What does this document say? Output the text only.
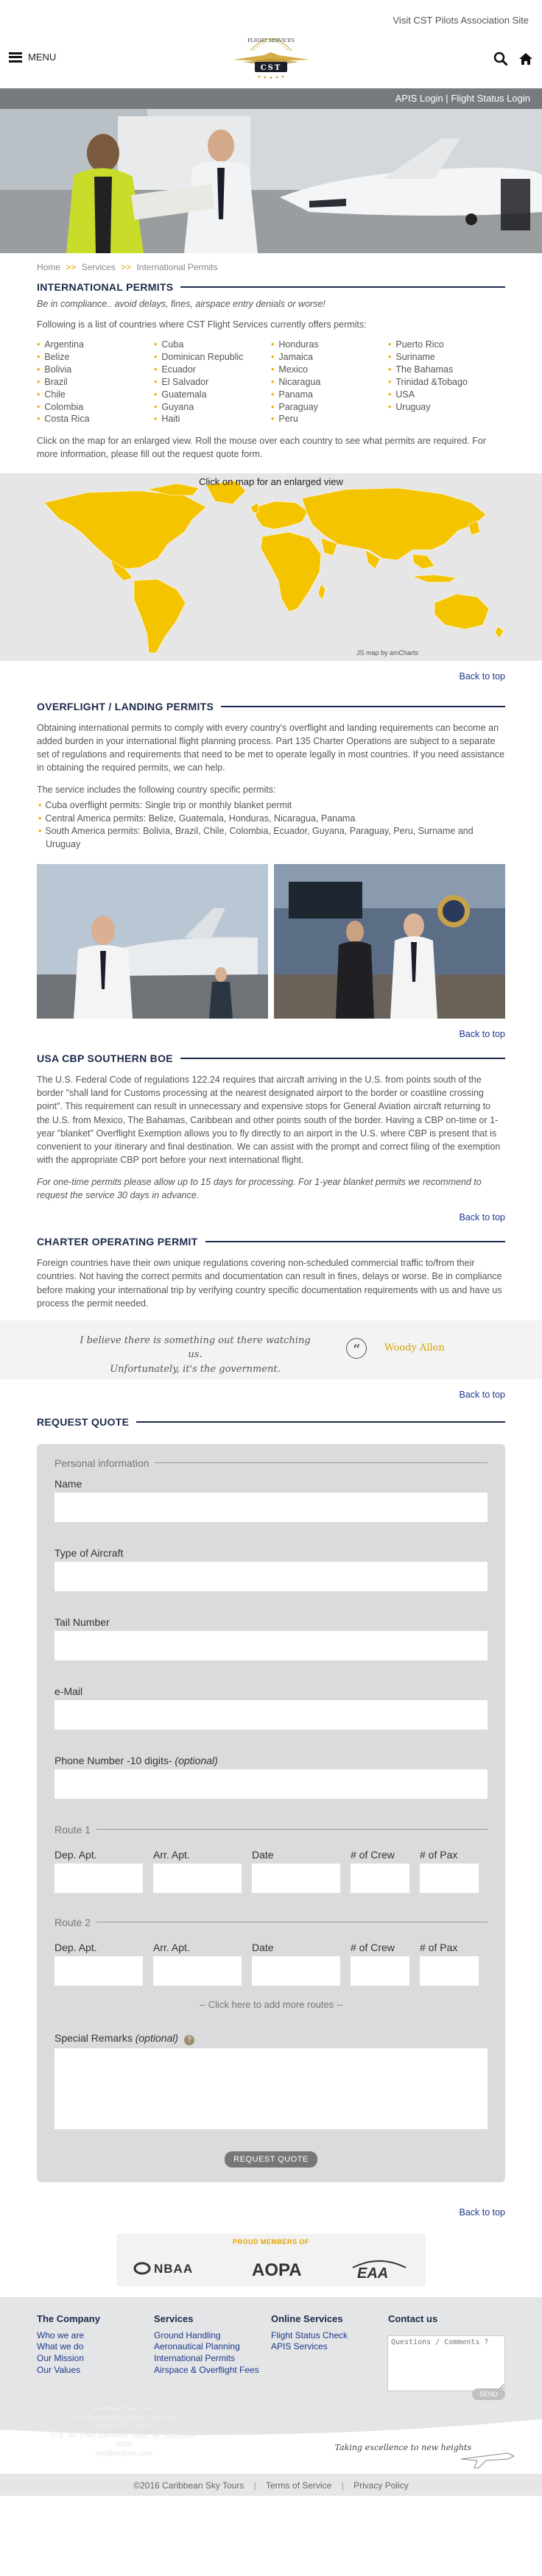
Visit CST Pilots Association Site
MENU
FLIGHT SERVICES
CST
APIS Login | Flight Status Login
Home >> Services >> International Permits
INTERNATIONAL PERMITS
Be in compliance.. avoid delays, fines, airspace entry denials or worse!

Following is a list of countries where CST Flight Services currently offers permits:

• Argentina	• Cuba	• Honduras	• Puerto Rico
• Belize	• Dominican Republic	• Jamaica	• Suriname
• Bolivia	• Ecuador	• Mexico	• The Bahamas
• Brazil	• El Salvador	• Nicaragua	• Trinidad &Tobago
• Chile	• Guatemala	• Panama	• USA
• Colombia	• Guyana	• Paraguay	• Uruguay
• Costa Rica	• Haiti	• Peru

Click on the map for an enlarged view. Roll the mouse over each country to see what permits are required. For more information, please fill out the request quote form.

Click on map for an enlarged view
JS map by amCharts
Back to top
OVERFLIGHT / LANDING PERMITS

Obtaining international permits to comply with every country's overflight and landing requirements can become an added burden in your international flight planning process. Part 135 Charter Operations are subject to a separate set of regulations and requirements that need to be met to operate legally in most countries. If you need assistance in obtaining the required permits, we can help.

The service includes the following country specific permits:

• Cuba overflight permits: Single trip or monthly blanket permit
• Central America permits: Belize, Guatemala, Honduras, Nicaragua, Panama
• South America permits: Bolivia, Brazil, Chile, Colombia, Ecuador, Guyana, Paraguay, Peru, Surname and Uruguay
Back to top
USA CBP SOUTHERN BOE

The U.S. Federal Code of regulations 122.24 requires that aircraft arriving in the U.S. from points south of the border "shall land for Customs processing at the nearest designated airport to the border or coastline crossing point". This requirement can result in unnecessary and expensive stops for General Aviation aircraft returning to the U.S. from Mexico, The Bahamas, Caribbean and other points south of the border. Having a CBP on-time or 1-year "blanket" Overflight Exemption allows you to fly directly to an airport in the U.S. where CBP is present that is convenient to your itinerary and final destination. We can assist with the prompt and correct filing of the exemption with the appropriate CBP port before your next international flight.

For one-time permits please allow up to 15 days for processing. For 1-year blanket permits we recommend to request the service 30 days in advance.

Back to top
CHARTER OPERATING PERMIT

Foreign countries have their own unique regulations covering non-scheduled commercial traffic to/from their countries. Not having the correct permits and documentation can result in fines, delays or worse. Be in compliance before making your international trip by verifying country specific documentation requirements with us and have us process the permit needed.

I believe there is something out there watching us.
Unfortunately, it's the government.
“	Woody Allen
Back to top
REQUEST QUOTE
Personal information
Name
Type of Aircraft
Tail Number
e-Mail
Phone Number -10 digits- (optional)
Route 1
Dep. Apt.	Arr. Apt.	Date	# of Crew	# of Pax
Route 2
Dep. Apt.	Arr. Apt.	Date	# of Crew	# of Pax
-- Click here to add more routes --
Special Remarks (optional) ?
REQUEST QUOTE
Back to top
PROUD MEMBERS OF
NBAA	AOPA	EAA
The Company
Who we are
What we do
Our Mission
Our Values
Services
Ground Handling
Aeronautical Planning
International Permits
Airspace & Overflight Fees
Online Services
Flight Status Check
APIS Services
Contact us
Questions / Comments ?
SEND
Caribbean Sky Tours
4300 Blue Lagoon Drive, Suite 600
Miami, FL 33026
U.S. Tel. (786) 206-9441 - Mex. Tel. (322) 555-8000
ops@cstflyus.com
Taking excellence to new heights
©2016 Caribbean Sky Tours | Terms of Service | Privacy Policy
